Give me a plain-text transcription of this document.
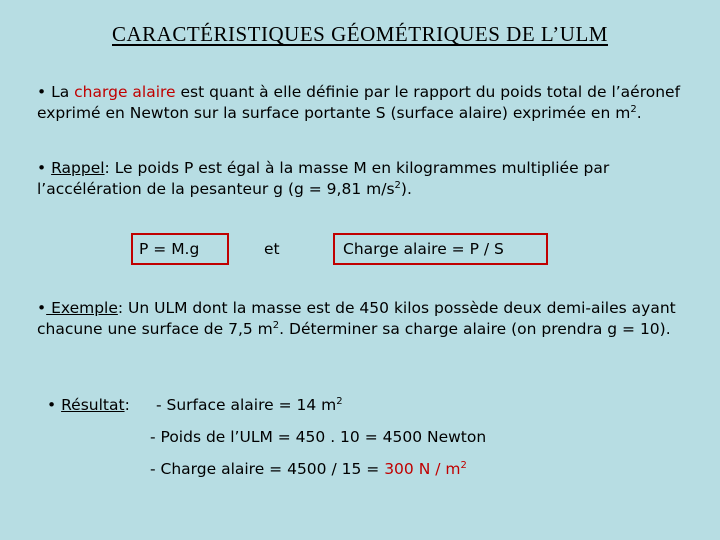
CARACTÉRISTIQUES GÉOMÉTRIQUES DE L’ULM
• La charge alaire est quant à elle définie par le rapport du poids total de l’aéronef exprimé en Newton sur la surface portante S (surface alaire) exprimée en $m^2$.
• Rappel: Le poids P est égal à la masse M en kilogrammes multipliée par l’accélération de la pesanteur g (g = 9,81 $m/s^2$).
P = M.g	et	Charge alaire = P / S
• Exemple: Un ULM dont la masse est de 450 kilos possède deux demi-ailes ayant chacune une surface de 7,5 $m^2$. Déterminer sa charge alaire (on prendra g = 10).
• Résultat: - Surface alaire = 14 $m^2$
- Poids de l’ULM = 450 . 10 = 4500 Newton
- Charge alaire = 4500 / 15 = 300 N / $m^2$
